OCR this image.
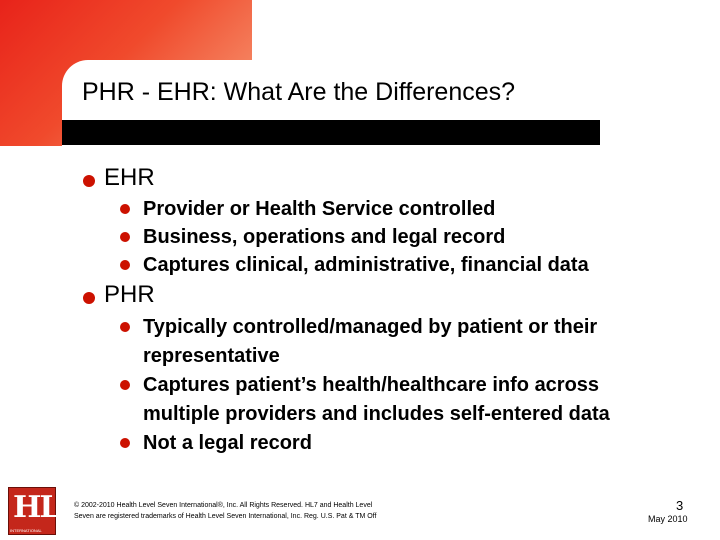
PHR - EHR: What Are the Differences?
EHR
Provider or Health Service controlled
Business, operations and legal record
Captures clinical, administrative, financial data
PHR
Typically controlled/managed by patient or their
representative
Captures patient’s health/healthcare info across
multiple providers and includes self-entered data
Not a legal record
HL7
INTERNATIONAL
© 2002-2010 Health Level Seven International®, Inc. All Rights Reserved. HL7 and Health Level Seven are registered trademarks of Health Level Seven International, Inc. Reg. U.S. Pat & TM Off
3
May 2010
